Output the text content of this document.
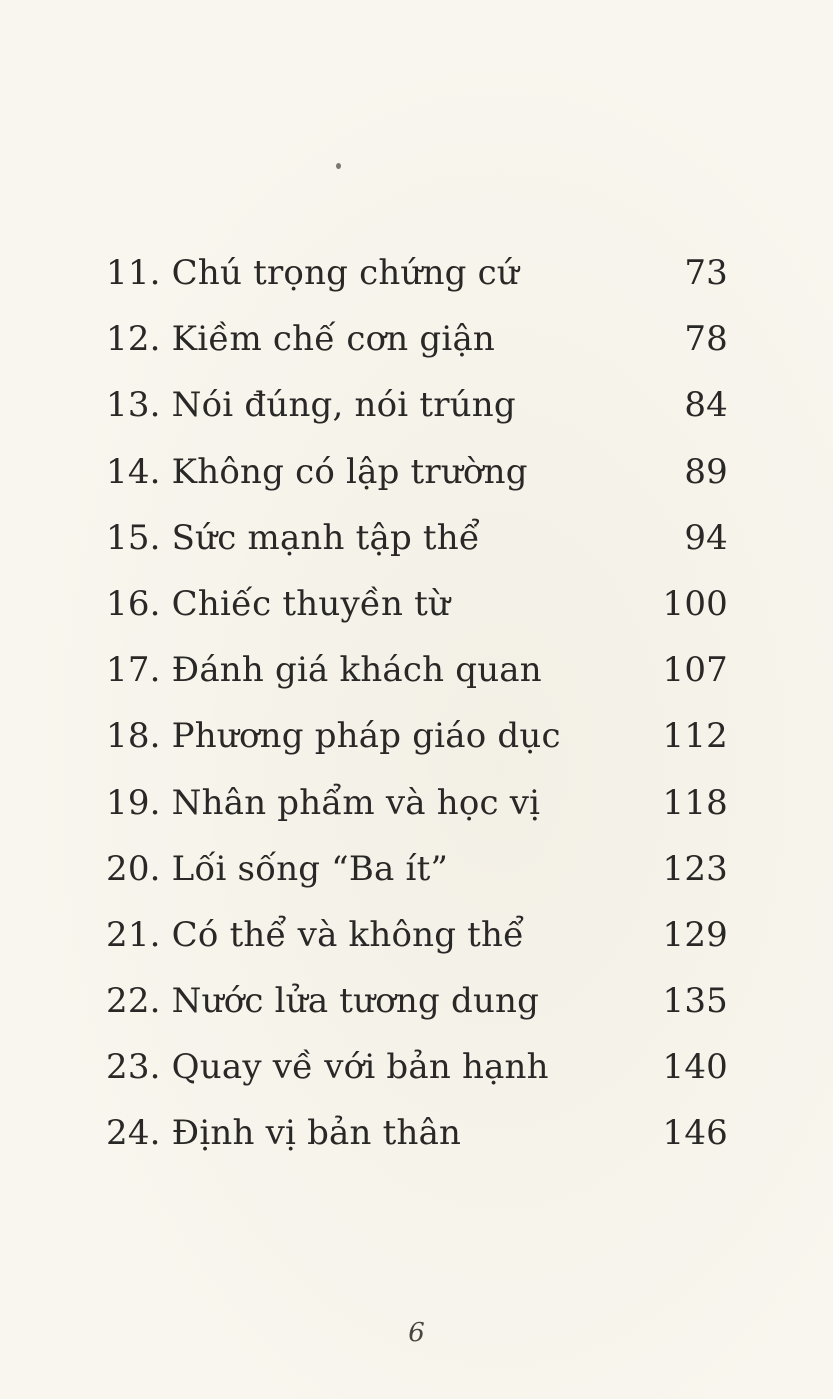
11. Chú trọng chứng cứ	73
12. Kiềm chế cơn giận	78
13. Nói đúng, nói trúng	84
14. Không có lập trường	89
15. Sức mạnh tập thể	94
16. Chiếc thuyền từ	100
17. Đánh giá khách quan	107
18. Phương pháp giáo dục	112
19. Nhân phẩm và học vị	118
20. Lối sống “Ba ít”	123
21. Có thể và không thể	129
22. Nước lửa tương dung	135
23. Quay về với bản hạnh	140
24. Định vị bản thân	146
6
